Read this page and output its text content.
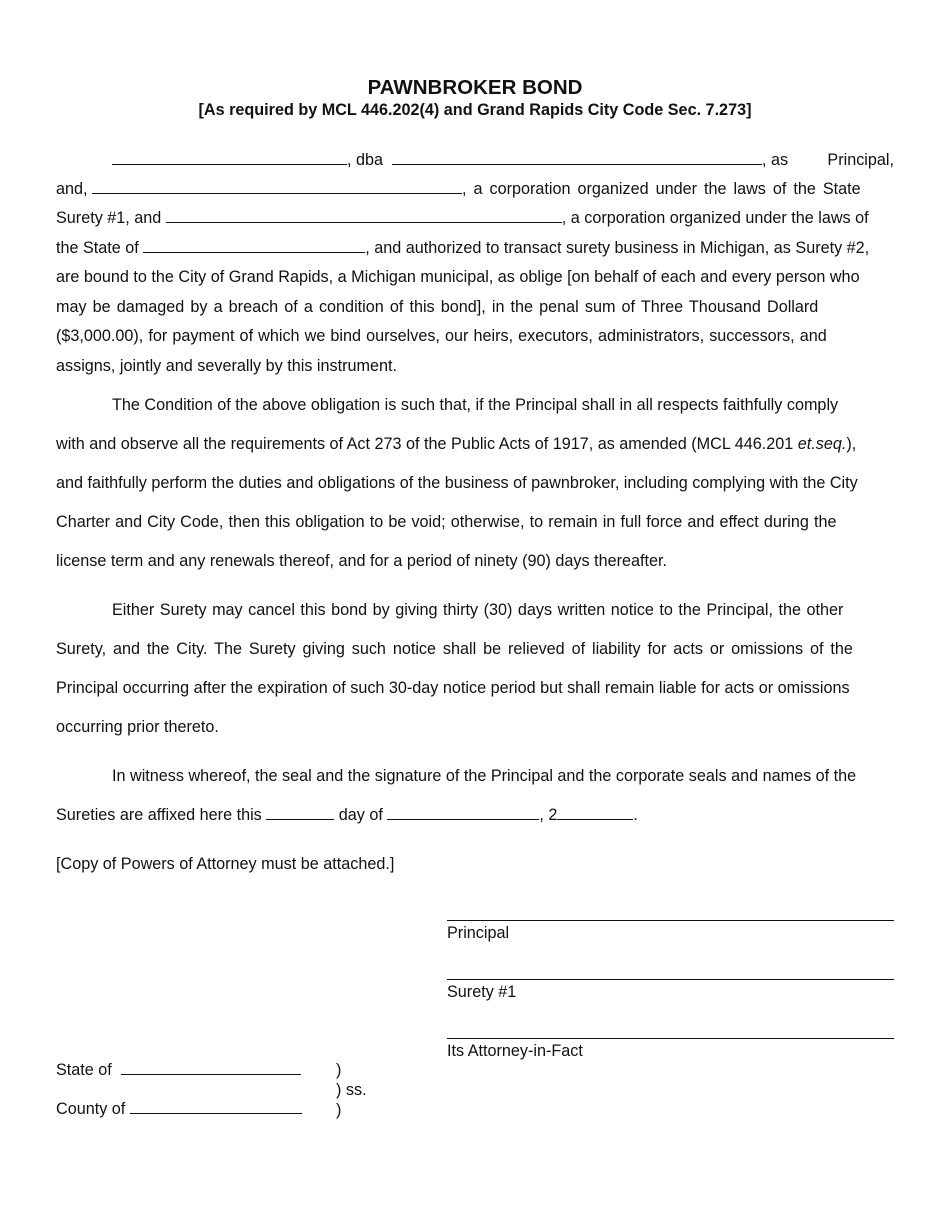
PAWNBROKER BOND
[As required by MCL 446.202(4) and Grand Rapids City Code Sec. 7.273]
, dba	, as Principal,
and,	, a corporation organized under the laws of the State
Surety #1, and	, a corporation organized under the laws of
the State of	, and authorized to transact surety business in Michigan, as Surety #2,
are bound to the City of Grand Rapids, a Michigan municipal, as oblige [on behalf of each and every person who
may be damaged by a breach of a condition of this bond], in the penal sum of Three Thousand Dollard
($3,000.00), for payment of which we bind ourselves, our heirs, executors, administrators, successors, and
assigns, jointly and severally by this instrument.
The Condition of the above obligation is such that, if the Principal shall in all respects faithfully comply
with and observe all the requirements of Act 273 of the Public Acts of 1917, as amended (MCL 446.201 et.seq.),
and faithfully perform the duties and obligations of the business of pawnbroker, including complying with the City
Charter and City Code, then this obligation to be void; otherwise, to remain in full force and effect during the
license term and any renewals thereof, and for a period of ninety (90) days thereafter.
Either Surety may cancel this bond by giving thirty (30) days written notice to the Principal, the other
Surety, and the City. The Surety giving such notice shall be relieved of liability for acts or omissions of the
Principal occurring after the expiration of such 30-day notice period but shall remain liable for acts or omissions
occurring prior thereto.
In witness whereof, the seal and the signature of the Principal and the corporate seals and names of the
Sureties are affixed here this	day of	, 2	.
[Copy of Powers of Attorney must be attached.]
Principal
Surety #1
Its Attorney-in-Fact
State of
County of
)
) ss.
)
